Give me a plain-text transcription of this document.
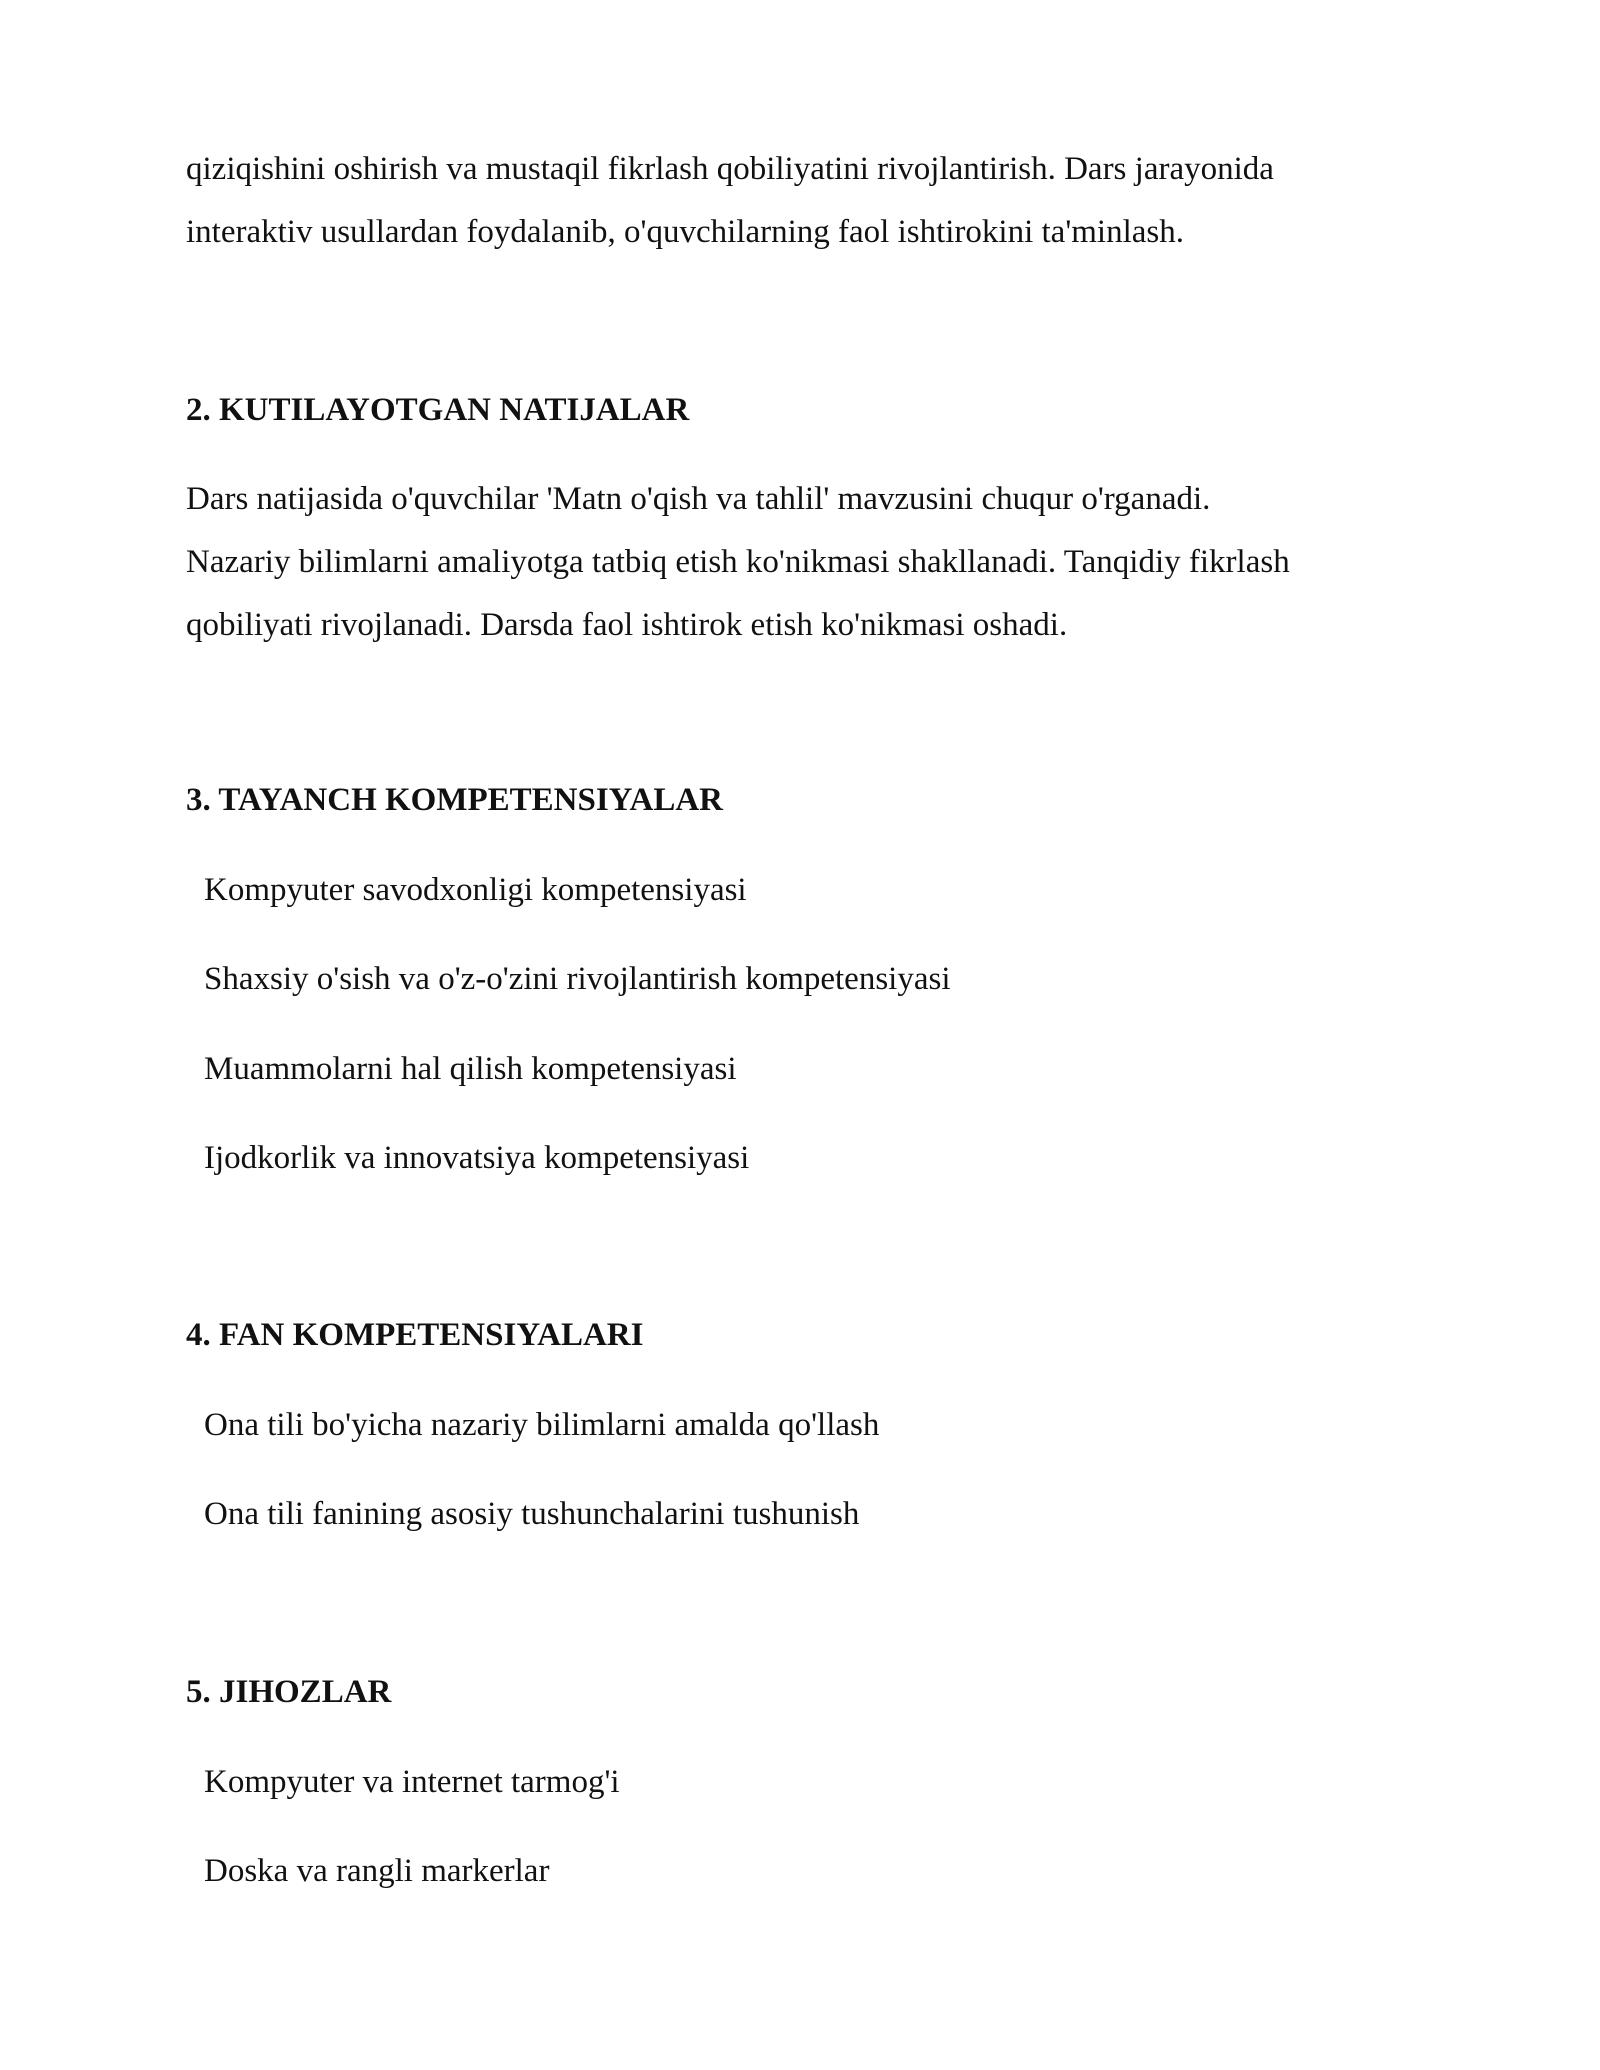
qiziqishini oshirish va mustaqil fikrlash qobiliyatini rivojlantirish. Dars jarayonida
interaktiv usullardan foydalanib, o'quvchilarning faol ishtirokini ta'minlash.

2. KUTILAYOTGAN NATIJALAR

Dars natijasida o'quvchilar 'Matn o'qish va tahlil' mavzusini chuqur o'rganadi.
Nazariy bilimlarni amaliyotga tatbiq etish ko'nikmasi shakllanadi. Tanqidiy fikrlash
qobiliyati rivojlanadi. Darsda faol ishtirok etish ko'nikmasi oshadi.

3. TAYANCH KOMPETENSIYALAR

Kompyuter savodxonligi kompetensiyasi

Shaxsiy o'sish va o'z-o'zini rivojlantirish kompetensiyasi

Muammolarni hal qilish kompetensiyasi

Ijodkorlik va innovatsiya kompetensiyasi

4. FAN KOMPETENSIYALARI

Ona tili bo'yicha nazariy bilimlarni amalda qo'llash

Ona tili fanining asosiy tushunchalarini tushunish

5. JIHOZLAR

Kompyuter va internet tarmog'i

Doska va rangli markerlar
